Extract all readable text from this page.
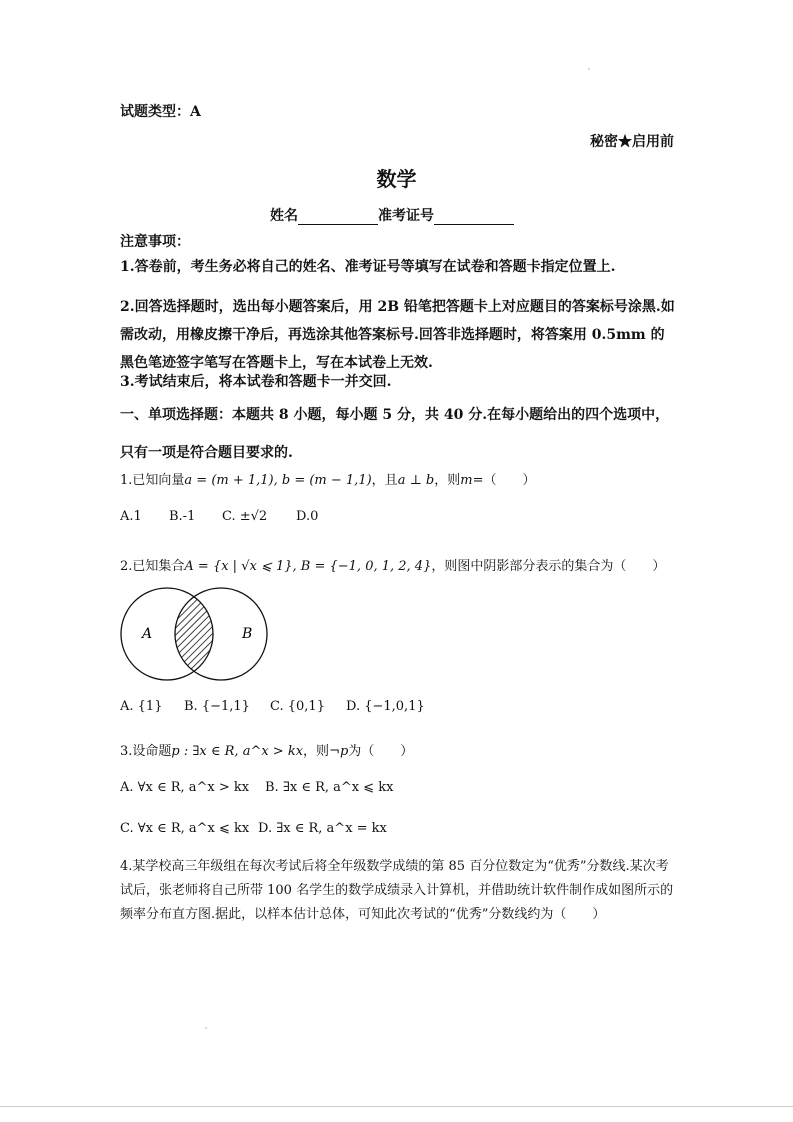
试题类型：A
秘密★启用前
数学
姓名	准考证号
注意事项：
1.答卷前，考生务必将自己的姓名、准考证号等填写在试卷和答题卡指定位置上.
2.回答选择题时，选出每小题答案后，用 2B 铅笔把答题卡上对应题目的答案标号涂黑.如需改动，用橡皮擦干净后，再选涂其他答案标号.回答非选择题时，将答案用 0.5mm 的黑色笔迹签字笔写在答题卡上，写在本试卷上无效.
3.考试结束后，将本试卷和答题卡一并交回.
一、单项选择题：本题共 8 小题，每小题 5 分，共 40 分.在每小题给出的四个选项中，只有一项是符合题目要求的.
1.已知向量a = (m + 1,1), b = (m − 1,1)，且a ⊥ b，则m=（　　）
A.1 B.-1 C. ±√2 D.0
2.已知集合A = {x | √x ⩽ 1}, B = {−1, 0, 1, 2, 4}，则图中阴影部分表示的集合为（　　）
A	B
A. {1} B. {−1,1} C. {0,1} D. {−1,0,1}
3.设命题p : ∃x ∈ R, a^x > kx，则¬p为（　　）
A. ∀x ∈ R, a^x > kx B. ∃x ∈ R, a^x ⩽ kx
C. ∀x ∈ R, a^x ⩽ kx D. ∃x ∈ R, a^x = kx
4.某学校高三年级组在每次考试后将全年级数学成绩的第 85 百分位数定为“优秀”分数线.某次考试后，张老师将自己所带 100 名学生的数学成绩录入计算机，并借助统计软件制作成如图所示的频率分布直方图.据此，以样本估计总体，可知此次考试的“优秀”分数线约为（　　）
